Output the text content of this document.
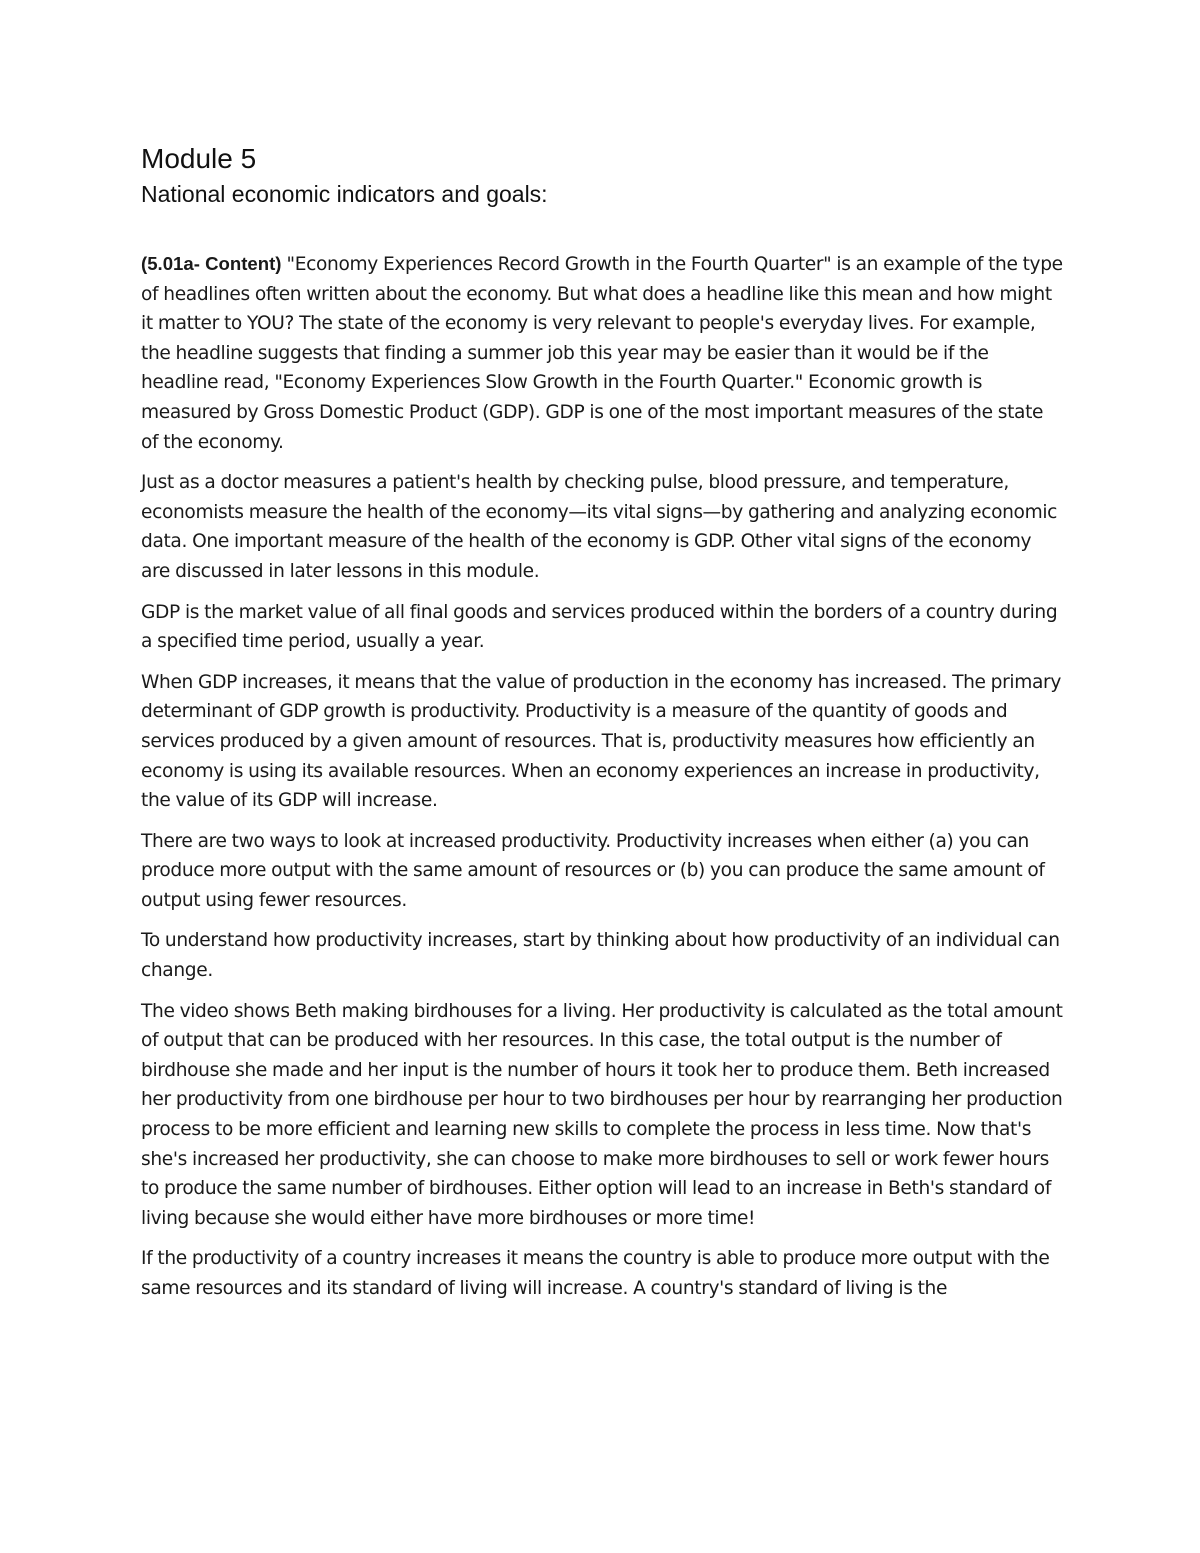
Module 5
National economic indicators and goals:

(5.01a- Content) "Economy Experiences Record Growth in the Fourth Quarter" is an example of the type of headlines often written about the economy. But what does a headline like this mean and how might it matter to YOU? The state of the economy is very relevant to people's everyday lives. For example, the headline suggests that finding a summer job this year may be easier than it would be if the headline read, "Economy Experiences Slow Growth in the Fourth Quarter." Economic growth is measured by Gross Domestic Product (GDP). GDP is one of the most important measures of the state of the economy.

Just as a doctor measures a patient's health by checking pulse, blood pressure, and temperature, economists measure the health of the economy—its vital signs—by gathering and analyzing economic data. One important measure of the health of the economy is GDP. Other vital signs of the economy are discussed in later lessons in this module.

GDP is the market value of all final goods and services produced within the borders of a country during a specified time period, usually a year.

When GDP increases, it means that the value of production in the economy has increased. The primary determinant of GDP growth is productivity. Productivity is a measure of the quantity of goods and services produced by a given amount of resources. That is, productivity measures how efficiently an economy is using its available resources. When an economy experiences an increase in productivity, the value of its GDP will increase.

There are two ways to look at increased productivity. Productivity increases when either (a) you can produce more output with the same amount of resources or (b) you can produce the same amount of output using fewer resources.

To understand how productivity increases, start by thinking about how productivity of an individual can change.

The video shows Beth making birdhouses for a living. Her productivity is calculated as the total amount of output that can be produced with her resources. In this case, the total output is the number of birdhouse she made and her input is the number of hours it took her to produce them. Beth increased her productivity from one birdhouse per hour to two birdhouses per hour by rearranging her production process to be more efficient and learning new skills to complete the process in less time. Now that's she's increased her productivity, she can choose to make more birdhouses to sell or work fewer hours to produce the same number of birdhouses. Either option will lead to an increase in Beth's standard of living because she would either have more birdhouses or more time!

If the productivity of a country increases it means the country is able to produce more output with the same resources and its standard of living will increase. A country's standard of living is the
